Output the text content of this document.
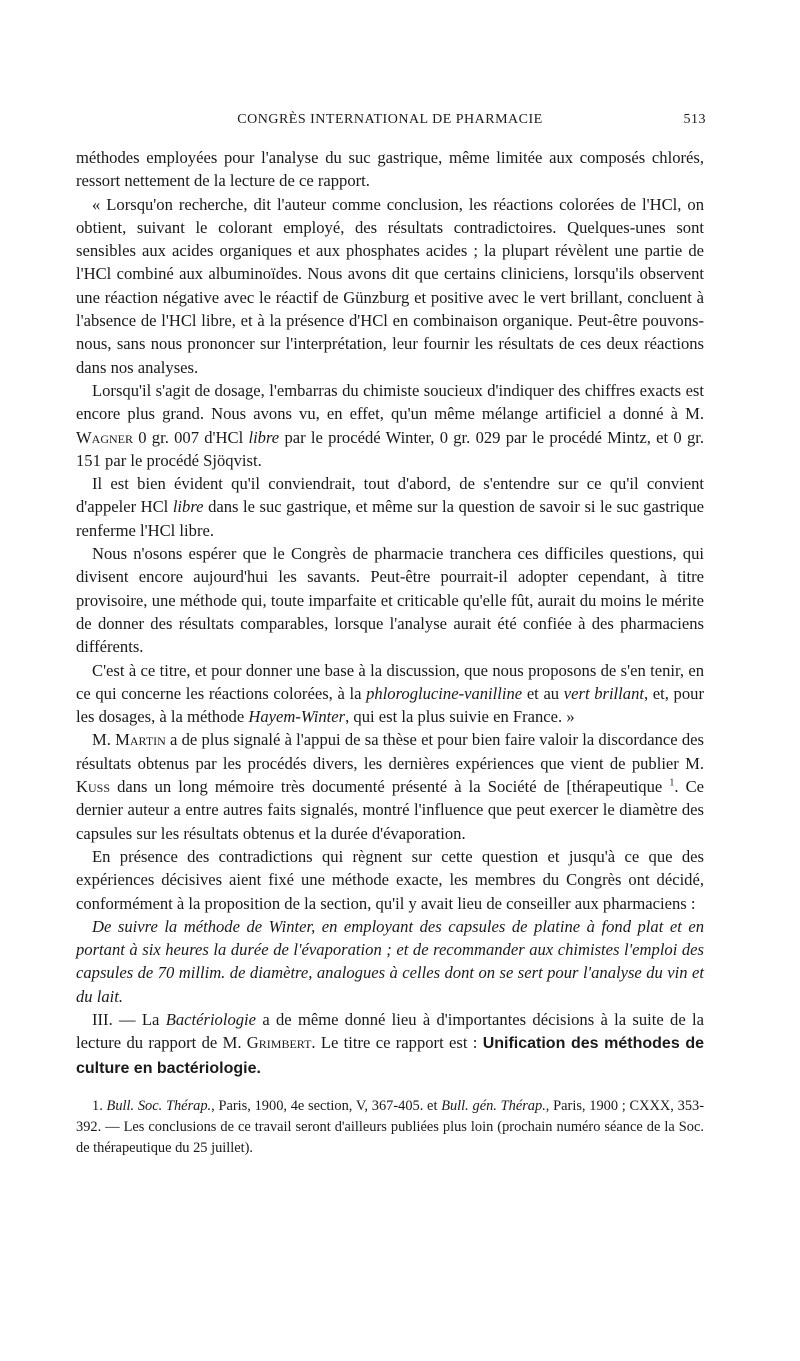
CONGRÈS INTERNATIONAL DE PHARMACIE	513

méthodes employées pour l'analyse du suc gastrique, même limitée aux composés chlorés, ressort nettement de la lecture de ce rapport.

« Lorsqu'on recherche, dit l'auteur comme conclusion, les réactions colorées de l'HCl, on obtient, suivant le colorant employé, des résultats contradictoires. Quelques-unes sont sensibles aux acides organiques et aux phosphates acides ; la plupart révèlent une partie de l'HCl combiné aux albuminoïdes. Nous avons dit que certains cliniciens, lorsqu'ils observent une réaction négative avec le réactif de Günzburg et positive avec le vert brillant, concluent à l'absence de l'HCl libre, et à la présence d'HCl en combinaison organique. Peut-être pouvons-nous, sans nous prononcer sur l'interprétation, leur fournir les résultats de ces deux réactions dans nos analyses.

Lorsqu'il s'agit de dosage, l'embarras du chimiste soucieux d'indiquer des chiffres exacts est encore plus grand. Nous avons vu, en effet, qu'un même mélange artificiel a donné à M. Wagner 0 gr. 007 d'HCl libre par le procédé Winter, 0 gr. 029 par le procédé Mintz, et 0 gr. 151 par le procédé Sjöqvist.

Il est bien évident qu'il conviendrait, tout d'abord, de s'entendre sur ce qu'il convient d'appeler HCl libre dans le suc gastrique, et même sur la question de savoir si le suc gastrique renferme l'HCl libre.

Nous n'osons espérer que le Congrès de pharmacie tranchera ces difficiles questions, qui divisent encore aujourd'hui les savants. Peut-être pourrait-il adopter cependant, à titre provisoire, une méthode qui, toute imparfaite et criticable qu'elle fût, aurait du moins le mérite de donner des résultats comparables, lorsque l'analyse aurait été confiée à des pharmaciens différents.

C'est à ce titre, et pour donner une base à la discussion, que nous proposons de s'en tenir, en ce qui concerne les réactions colorées, à la phloroglucine-vanilline et au vert brillant, et, pour les dosages, à la méthode Hayem-Winter, qui est la plus suivie en France. »

M. Martin a de plus signalé à l'appui de sa thèse et pour bien faire valoir la discordance des résultats obtenus par les procédés divers, les dernières expériences que vient de publier M. Kuss dans un long mémoire très documenté présenté à la Société de [thérapeutique $^1$. Ce dernier auteur a entre autres faits signalés, montré l'influence que peut exercer le diamètre des capsules sur les résultats obtenus et la durée d'évaporation.

En présence des contradictions qui règnent sur cette question et jusqu'à ce que des expériences décisives aient fixé une méthode exacte, les membres du Congrès ont décidé, conformément à la proposition de la section, qu'il y avait lieu de conseiller aux pharmaciens :

De suivre la méthode de Winter, en employant des capsules de platine à fond plat et en portant à six heures la durée de l'évaporation ; et de recommander aux chimistes l'emploi des capsules de 70 millim. de diamètre, analogues à celles dont on se sert pour l'analyse du vin et du lait.

III. — La Bactériologie a de même donné lieu à d'importantes décisions à la suite de la lecture du rapport de M. Grimbert. Le titre ce rapport est : Unification des méthodes de culture en bactériologie.

1. Bull. Soc. Thérap., Paris, 1900, 4e section, V, 367-405. et Bull. gén. Thérap., Paris, 1900 ; CXXX, 353-392. — Les conclusions de ce travail seront d'ailleurs publiées plus loin (prochain numéro séance de la Soc. de thérapeutique du 25 juillet).
